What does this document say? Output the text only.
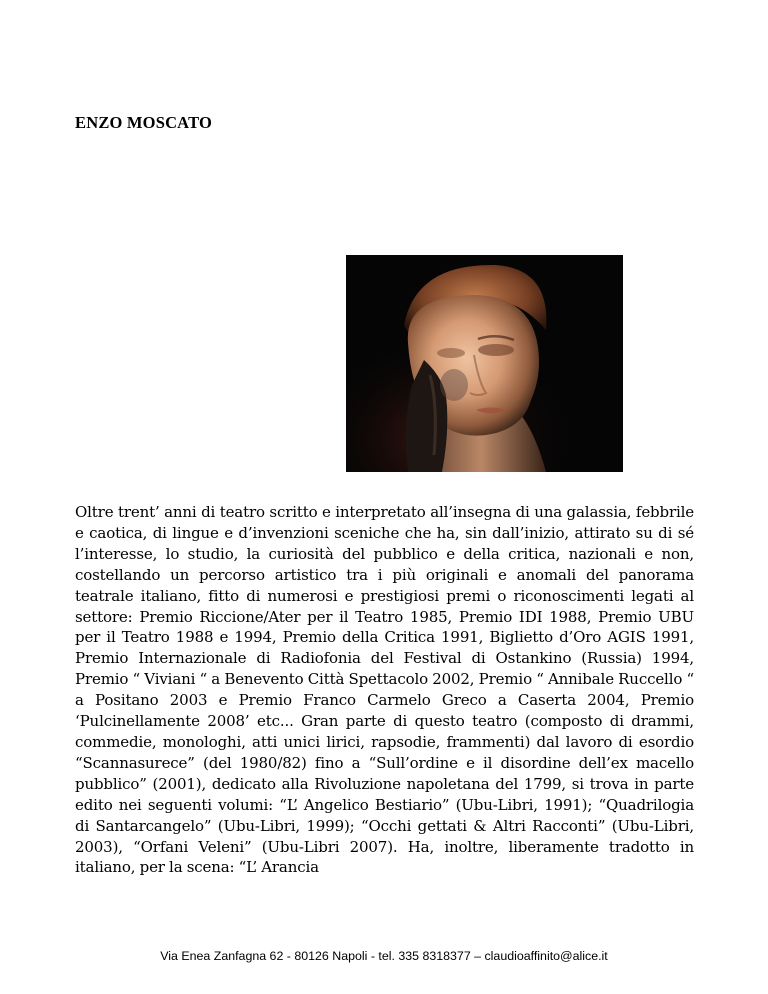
ENZO MOSCATO

Oltre trent’ anni di teatro scritto e interpretato all’insegna di una galassia, febbrile e caotica, di lingue e d’invenzioni sceniche che ha, sin dall’inizio, attirato su di sé l’interesse, lo studio, la curiosità del pubblico e della critica, nazionali e non, costellando un percorso artistico tra i più originali e anomali del panorama teatrale italiano, fitto di numerosi e prestigiosi premi o riconoscimenti legati al settore: Premio Riccione/Ater per il Teatro 1985, Premio IDI 1988, Premio UBU per il Teatro 1988 e 1994, Premio della Critica 1991, Biglietto d’Oro AGIS 1991, Premio Internazionale di Radiofonia del Festival di Ostankino (Russia) 1994, Premio “ Viviani “ a Benevento Città Spettacolo 2002, Premio “ Annibale Ruccello “ a Positano 2003 e Premio Franco Carmelo Greco a Caserta 2004, Premio ‘Pulcinellamente 2008’ etc... Gran parte di questo teatro (composto di drammi, commedie, monologhi, atti unici lirici, rapsodie, frammenti) dal lavoro di esordio “Scannasurece” (del 1980/82) fino a “Sull’ordine e il disordine dell’ex macello pubblico” (2001), dedicato alla Rivoluzione napoletana del 1799, si trova in parte edito nei seguenti volumi: “L’ Angelico Bestiario” (Ubu-Libri, 1991); “Quadrilogia di Santarcangelo” (Ubu-Libri, 1999); “Occhi gettati & Altri Racconti” (Ubu-Libri, 2003), “Orfani Veleni” (Ubu-Libri 2007). Ha, inoltre, liberamente tradotto in italiano, per la scena: “L’ Arancia

Via Enea Zanfagna 62 - 80126 Napoli - tel. 335 8318377 – claudioaffinito@alice.it
